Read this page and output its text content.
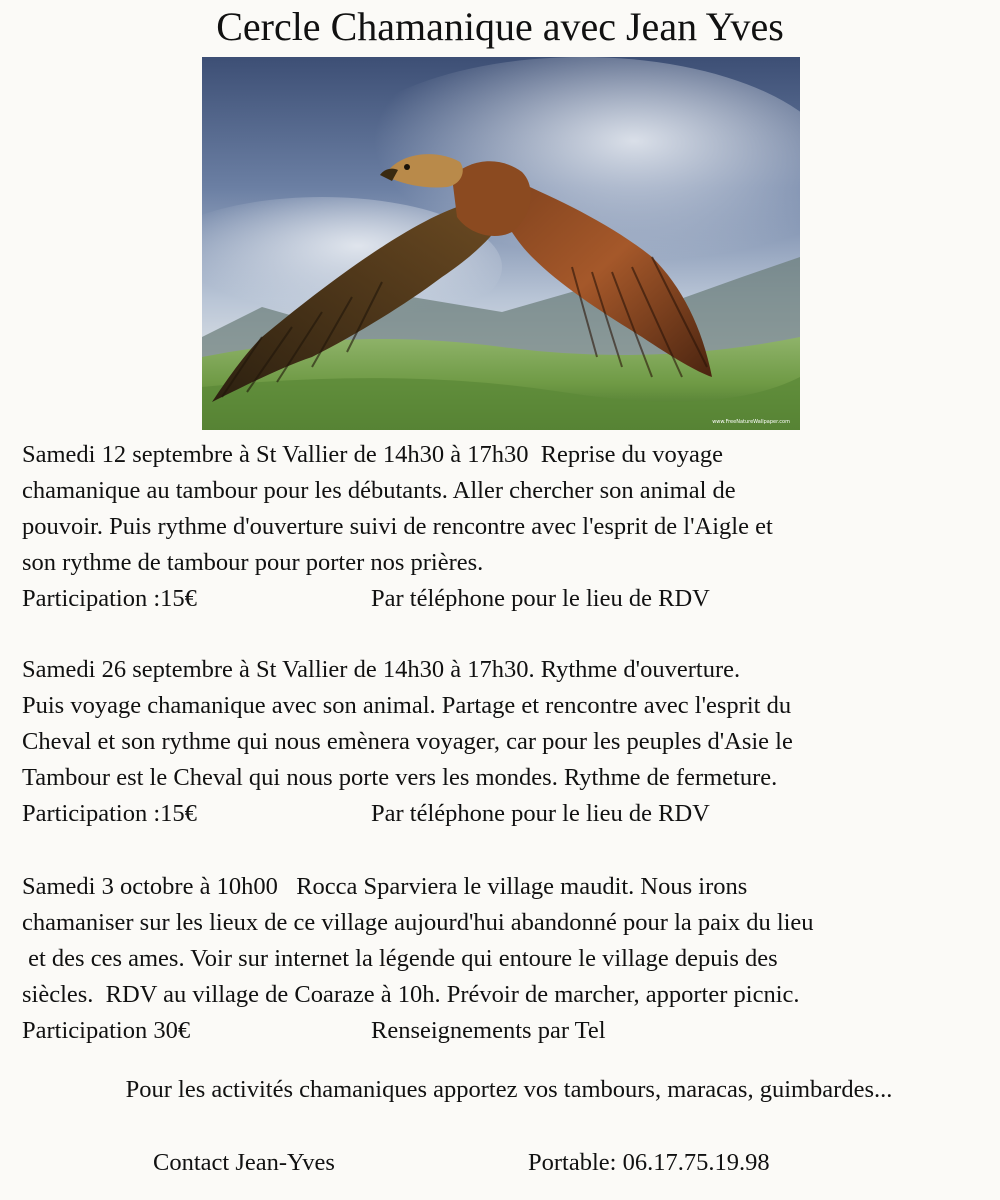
Cercle Chamanique avec Jean Yves
www.FreeNatureWallpaper.com
Samedi 12 septembre à St Vallier de 14h30 à 17h30  Reprise du voyage
chamanique au tambour pour les débutants. Aller chercher son animal de
pouvoir. Puis rythme d'ouverture suivi de rencontre avec l'esprit de l'Aigle et
son rythme de tambour pour porter nos prières.
Participation :15€	Par téléphone pour le lieu de RDV
Samedi 26 septembre à St Vallier de 14h30 à 17h30. Rythme d'ouverture.
Puis voyage chamanique avec son animal. Partage et rencontre avec l'esprit du
Cheval et son rythme qui nous emènera voyager, car pour les peuples d'Asie le
Tambour est le Cheval qui nous porte vers les mondes. Rythme de fermeture.
Participation :15€	Par téléphone pour le lieu de RDV
Samedi 3 octobre à 10h00   Rocca Sparviera le village maudit. Nous irons
chamaniser sur les lieux de ce village aujourd'hui abandonné pour la paix du lieu
et des ces ames. Voir sur internet la légende qui entoure le village depuis des
siècles.  RDV au village de Coaraze à 10h. Prévoir de marcher, apporter picnic.
Participation 30€	Renseignements par Tel
Pour les activités chamaniques apportez vos tambours, maracas, guimbardes...
Contact Jean-Yves	Portable: 06.17.75.19.98
